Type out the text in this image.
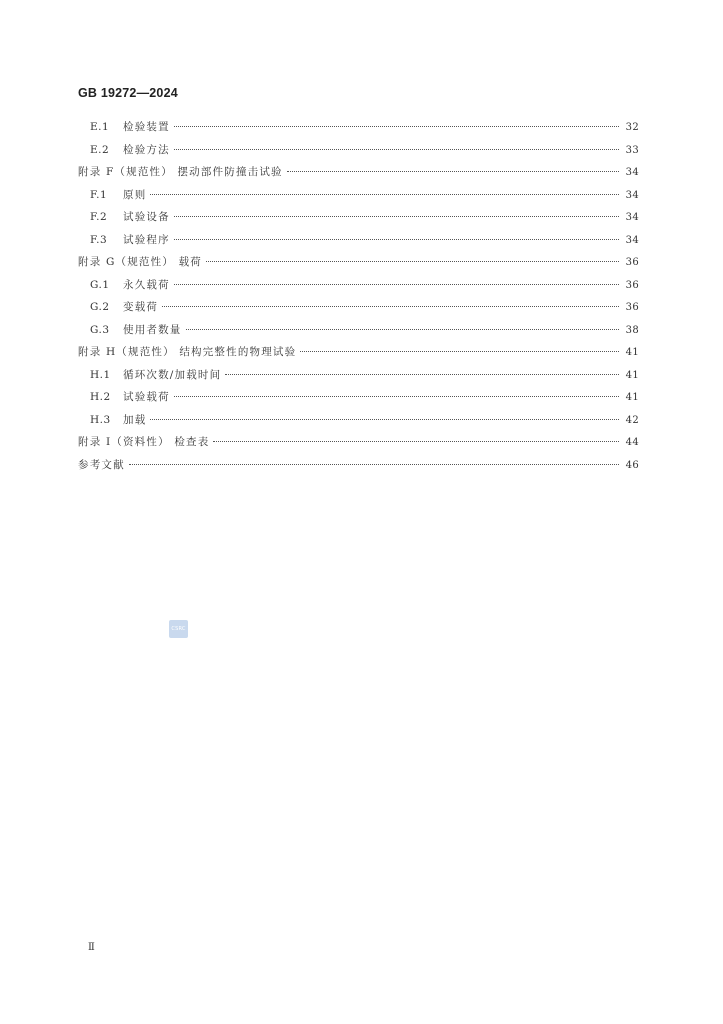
GB 19272—2024
E.1	检验装置	32
E.2	检验方法	33
附录 F（规范性） 摆动部件防撞击试验	34
F.1	原则	34
F.2	试验设备	34
F.3	试验程序	34
附录 G（规范性） 载荷	36
G.1	永久载荷	36
G.2	变载荷	36
G.3	使用者数量	38
附录 H（规范性） 结构完整性的物理试验	41
H.1	循环次数/加载时间	41
H.2	试验载荷	41
H.3	加载	42
附录 I（资料性） 检查表	44
参考文献	46
CSRC
Ⅱ
